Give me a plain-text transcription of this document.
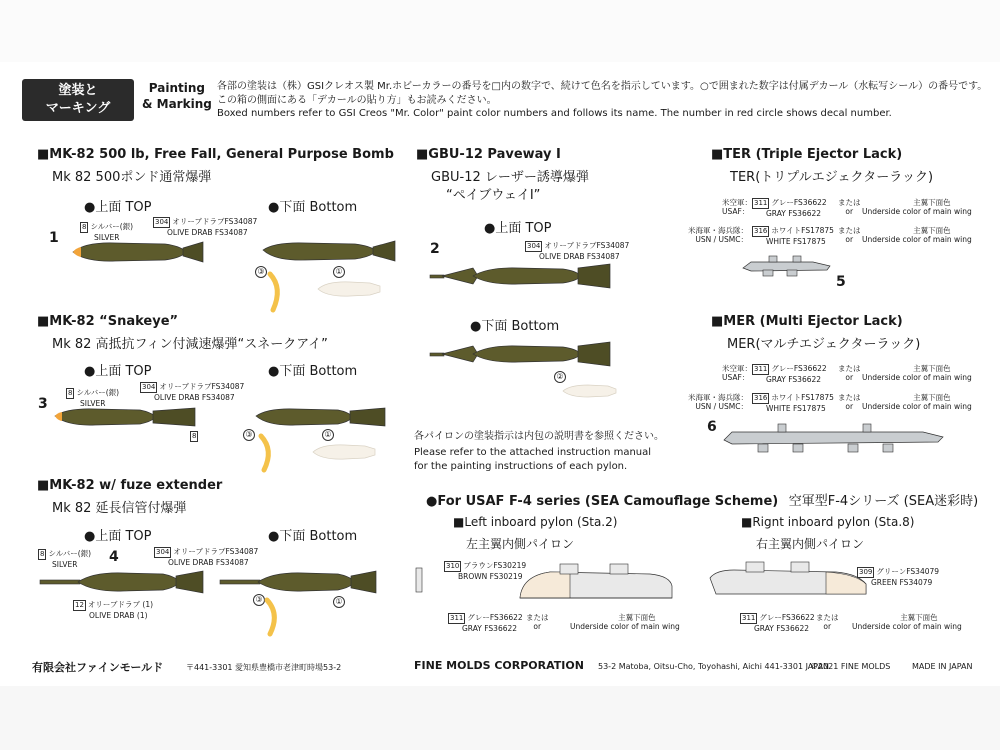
塗装と
マーキング
Painting
& Marking
各部の塗装は（株）GSIクレオス製 Mr.ホビーカラーの番号を□内の数字で、続けて色名を指示しています。○で囲まれた数字は付属デカール（水転写シール）の番号です。
この箱の側面にある「デカールの貼り方」もお読みください。
Boxed numbers refer to GSI Creos "Mr. Color" paint color numbers and follows its name. The number in red circle shows decal number.
■MK-82 500 lb, Free Fall, General Purpose Bomb
Mk 82 500ポンド通常爆弾
●上面 TOP	●下面 Bottom
1
8 シルバー(銀)
SILVER
304 オリーブドラブFS34087
OLIVE DRAB FS34087
①
③
■MK-82 “Snakeye”
Mk 82 高抵抗フィン付減速爆弾“スネークアイ”
●上面 TOP	●下面 Bottom
3
8 シルバー(銀)
SILVER
304 オリーブドラブFS34087
OLIVE DRAB FS34087
8	①
③
■MK-82 w/ fuze extender
Mk 82 延長信管付爆弾
●上面 TOP	●下面 Bottom
8 シルバー(銀)
SILVER	4	304 オリーブドラブFS34087
OLIVE DRAB FS34087
12 オリーブドラブ (1)
OLIVE DRAB (1)
①
③
■GBU-12 Paveway Ⅰ
GBU-12 レーザー誘導爆弾
“ペイブウェイⅠ”
●上面 TOP
2	304 オリーブドラブFS34087
OLIVE DRAB FS34087
●下面 Bottom
②
各パイロンの塗装指示は内包の説明書を参照ください。
Please refer to the attached instruction manual
for the painting instructions of each pylon.
■TER (Triple Ejector Lack)
TER(トリプルエジェクターラック)
米空軍：
USAF：
311 グレーFS36622
GRAY FS36622
または
or
主翼下面色
Underside color of main wing
米海軍・海兵隊：
USN / USMC：
316 ホワイトFS17875
WHITE FS17875
または
or
主翼下面色
Underside color of main wing
5
■MER (Multi Ejector Lack)
MER(マルチエジェクターラック)
米空軍：
USAF：
311 グレーFS36622
GRAY FS36622
または
or
主翼下面色
Underside color of main wing
米海軍・海兵隊：
USN / USMC：
316 ホワイトFS17875
WHITE FS17875
または
or
主翼下面色
Underside color of main wing
6
●For USAF F-4 series (SEA Camouflage Scheme) 空軍型F-4シリーズ (SEA迷彩時)
■Left inboard pylon (Sta.2)
左主翼内側パイロン
■Rignt inboard pylon (Sta.8)
右主翼内側パイロン
310 ブラウンFS30219
BROWN FS30219
311 グレーFS36622
GRAY FS36622
または
or
主翼下面色
Underside color of main wing
309 グリーンFS34079
GREEN FS34079
311 グレーFS36622
GRAY FS36622
または
or
主翼下面色
Underside color of main wing
有限会社ファインモールド	〒441-3301 愛知県豊橋市老津町時場53-2	FINE MOLDS CORPORATION 53-2 Matoba, Oitsu-Cho, Toyohashi, Aichi 441-3301 JAPAN
©2021 FINE MOLDS	MADE IN JAPAN
